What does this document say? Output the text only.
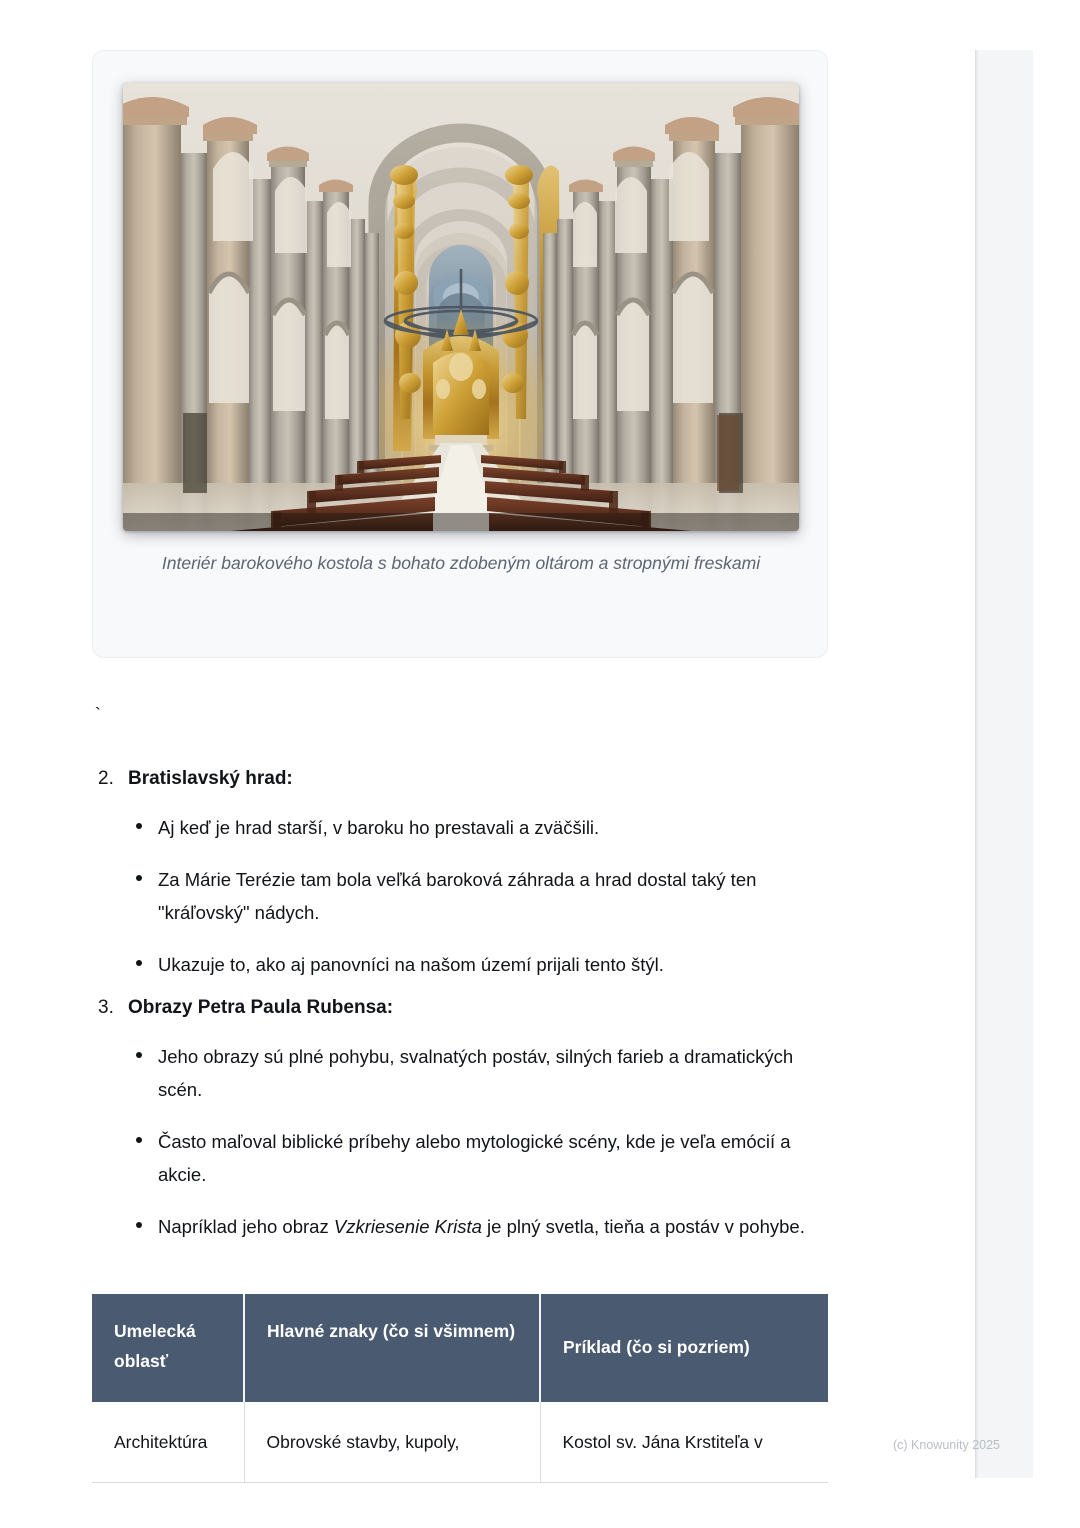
Interiér barokového kostola s bohato zdobeným oltárom a stropnými freskami
`
2. Bratislavský hrad:
Aj keď je hrad starší, v baroku ho prestavali a zväčšili.
Za Márie Terézie tam bola veľká baroková záhrada a hrad dostal taký ten "kráľovský" nádych.
Ukazuje to, ako aj panovníci na našom území prijali tento štýl.
3. Obrazy Petra Paula Rubensa:
Jeho obrazy sú plné pohybu, svalnatých postáv, silných farieb a dramatických scén.
Často maľoval biblické príbehy alebo mytologické scény, kde je veľa emócií a akcie.
Napríklad jeho obraz Vzkriesenie Krista je plný svetla, tieňa a postáv v pohybe.
Umelecká oblasť	Hlavné znaky (čo si všimnem)	Príklad (čo si pozriem)
Architektúra	Obrovské stavby, kupoly,	Kostol sv. Jána Krstiteľa v	(c) Knowunity 2025
